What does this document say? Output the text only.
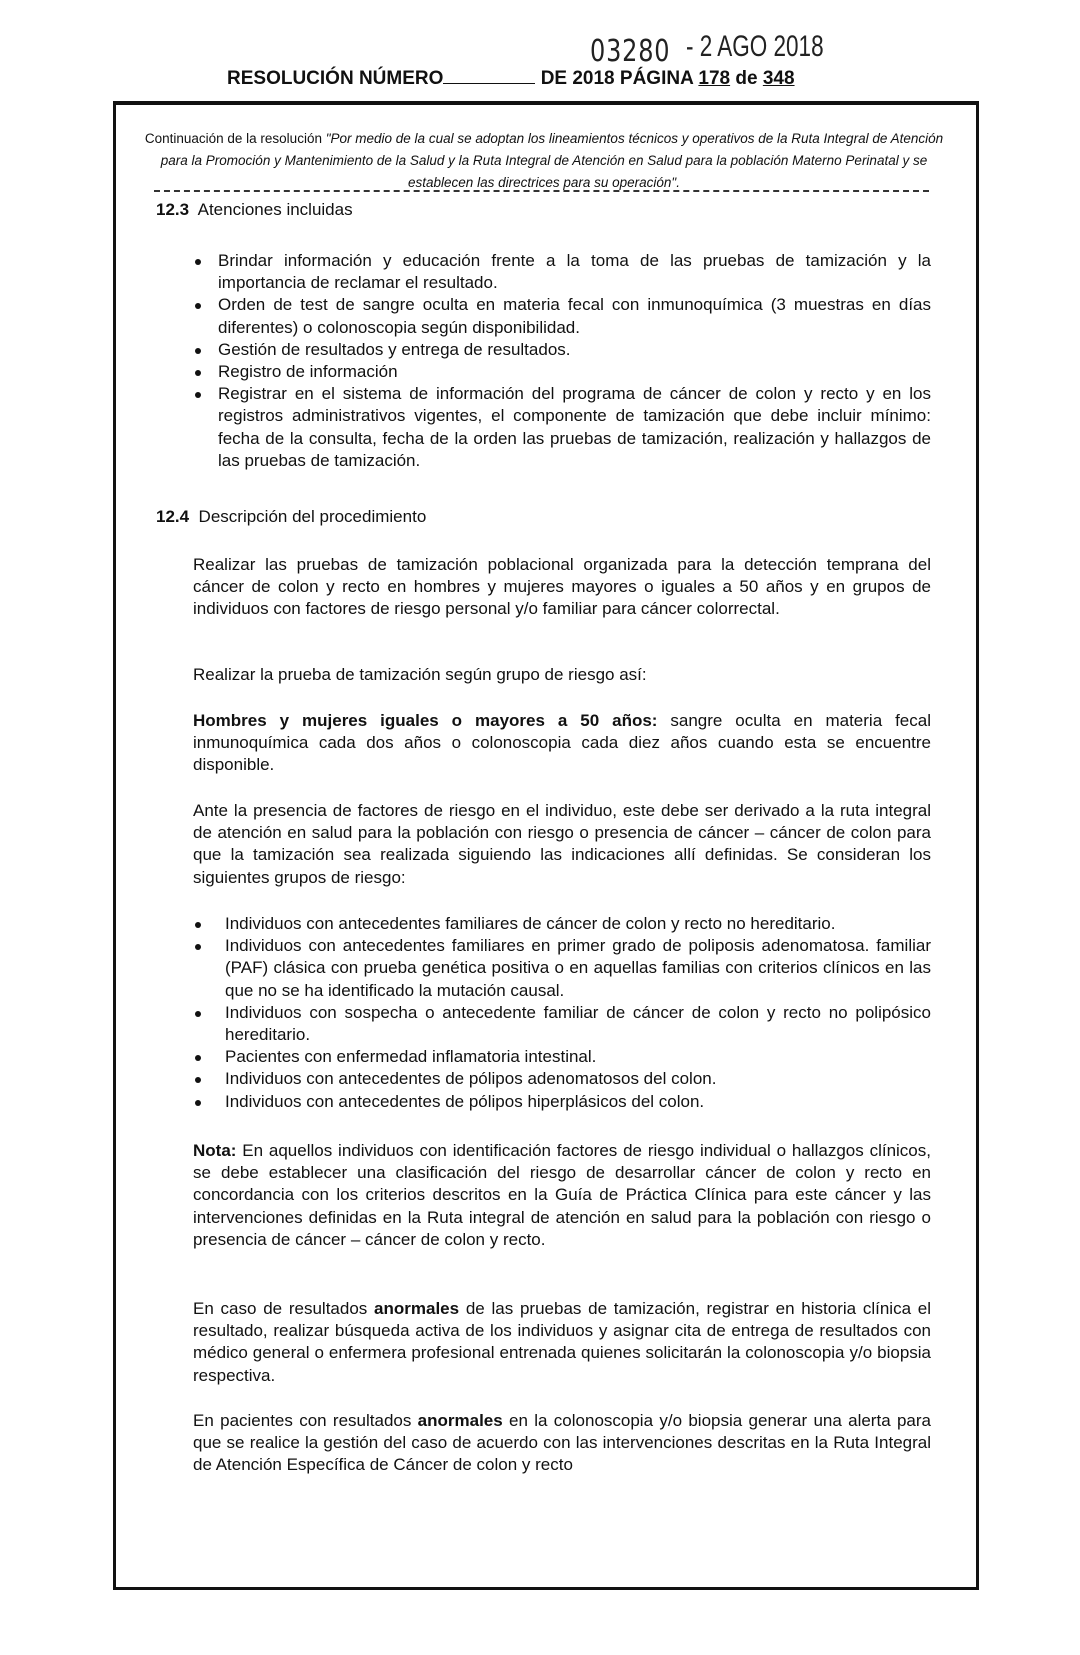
03280 - 2 AGO 2018
RESOLUCIÓN NÚMERO	DE 2018 PÁGINA 178 de 348
Continuación de la resolución "Por medio de la cual se adoptan los lineamientos técnicos y operativos de la Ruta Integral de Atención para la Promoción y Mantenimiento de la Salud y la Ruta Integral de Atención en Salud para la población Materno Perinatal y se establecen las directrices para su operación".
12.3 Atenciones incluidas
Brindar información y educación frente a la toma de las pruebas de tamización y la importancia de reclamar el resultado.
Orden de test de sangre oculta en materia fecal con inmunoquímica (3 muestras en días diferentes) o colonoscopia según disponibilidad.
Gestión de resultados y entrega de resultados.
Registro de información
Registrar en el sistema de información del programa de cáncer de colon y recto y en los registros administrativos vigentes, el componente de tamización que debe incluir mínimo: fecha de la consulta, fecha de la orden las pruebas de tamización, realización y hallazgos de las pruebas de tamización.
12.4 Descripción del procedimiento
Realizar las pruebas de tamización poblacional organizada para la detección temprana del cáncer de colon y recto en hombres y mujeres mayores o iguales a 50 años y en grupos de individuos con factores de riesgo personal y/o familiar para cáncer colorrectal.
Realizar la prueba de tamización según grupo de riesgo así:
Hombres y mujeres iguales o mayores a 50 años: sangre oculta en materia fecal inmunoquímica cada dos años o colonoscopia cada diez años cuando esta se encuentre disponible.
Ante la presencia de factores de riesgo en el individuo, este debe ser derivado a la ruta integral de atención en salud para la población con riesgo o presencia de cáncer – cáncer de colon para que la tamización sea realizada siguiendo las indicaciones allí definidas. Se consideran los siguientes grupos de riesgo:
Individuos con antecedentes familiares de cáncer de colon y recto no hereditario.
Individuos con antecedentes familiares en primer grado de poliposis adenomatosa. familiar (PAF) clásica con prueba genética positiva o en aquellas familias con criterios clínicos en las que no se ha identificado la mutación causal.
Individuos con sospecha o antecedente familiar de cáncer de colon y recto no polipósico hereditario.
Pacientes con enfermedad inflamatoria intestinal.
Individuos con antecedentes de pólipos adenomatosos del colon.
Individuos con antecedentes de pólipos hiperplásicos del colon.
Nota: En aquellos individuos con identificación factores de riesgo individual o hallazgos clínicos, se debe establecer una clasificación del riesgo de desarrollar cáncer de colon y recto en concordancia con los criterios descritos en la Guía de Práctica Clínica para este cáncer y las intervenciones definidas en la Ruta integral de atención en salud para la población con riesgo o presencia de cáncer – cáncer de colon y recto.
En caso de resultados anormales de las pruebas de tamización, registrar en historia clínica el resultado, realizar búsqueda activa de los individuos y asignar cita de entrega de resultados con médico general o enfermera profesional entrenada quienes solicitarán la colonoscopia y/o biopsia respectiva.
En pacientes con resultados anormales en la colonoscopia y/o biopsia generar una alerta para que se realice la gestión del caso de acuerdo con las intervenciones descritas en la Ruta Integral de Atención Específica de Cáncer de colon y recto
